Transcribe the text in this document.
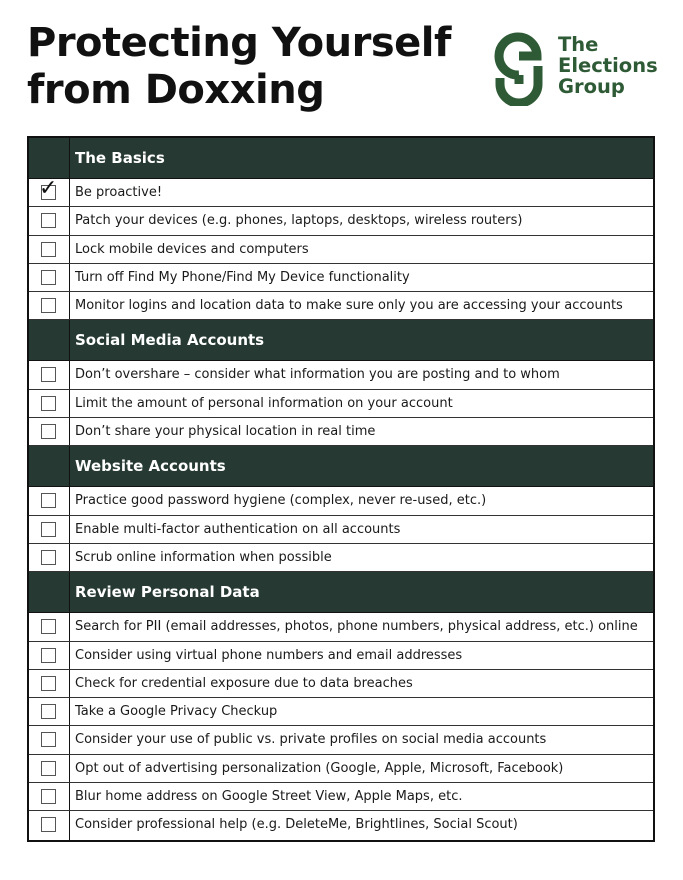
Protecting Yourself
from Doxxing
The
Elections
Group
The Basics
✓	Be proactive!
Patch your devices (e.g. phones, laptops, desktops, wireless routers)
Lock mobile devices and computers
Turn off Find My Phone/Find My Device functionality
Monitor logins and location data to make sure only you are accessing your accounts
Social Media Accounts
Don’t overshare – consider what information you are posting and to whom
Limit the amount of personal information on your account
Don’t share your physical location in real time
Website Accounts
Practice good password hygiene (complex, never re-used, etc.)
Enable multi-factor authentication on all accounts
Scrub online information when possible
Review Personal Data
Search for PII (email addresses, photos, phone numbers, physical address, etc.) online
Consider using virtual phone numbers and email addresses
Check for credential exposure due to data breaches
Take a Google Privacy Checkup
Consider your use of public vs. private profiles on social media accounts
Opt out of advertising personalization (Google, Apple, Microsoft, Facebook)
Blur home address on Google Street View, Apple Maps, etc.
Consider professional help (e.g. DeleteMe, Brightlines, Social Scout)
